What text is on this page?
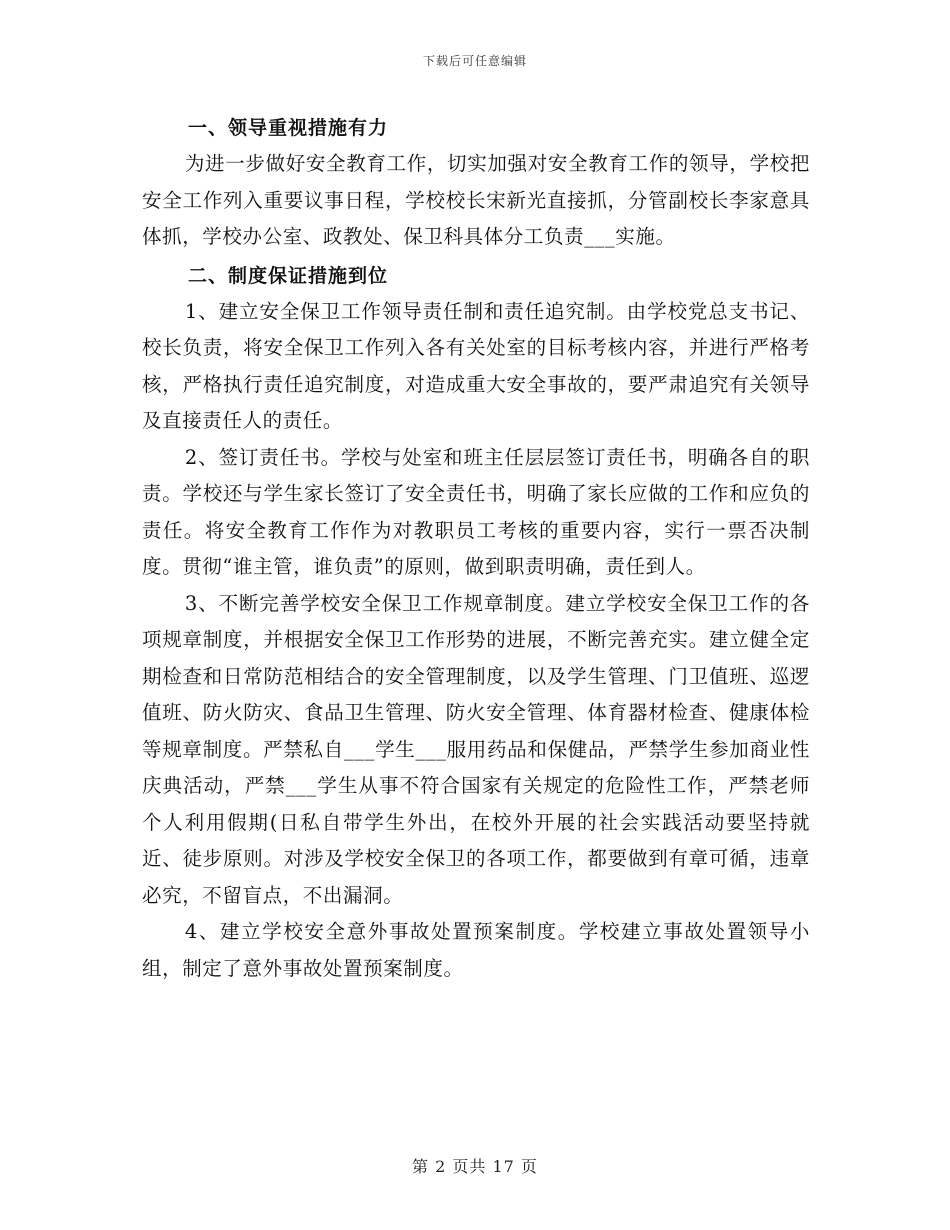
下载后可任意编辑

一、领导重视措施有力

为进一步做好安全教育工作，切实加强对安全教育工作的领导，学校把安全工作列入重要议事日程，学校校长宋新光直接抓，分管副校长李家意具体抓，学校办公室、政教处、保卫科具体分工负责___实施。

二、制度保证措施到位

1、建立安全保卫工作领导责任制和责任追究制。由学校党总支书记、校长负责，将安全保卫工作列入各有关处室的目标考核内容，并进行严格考核，严格执行责任追究制度，对造成重大安全事故的，要严肃追究有关领导及直接责任人的责任。

2、签订责任书。学校与处室和班主任层层签订责任书，明确各自的职责。学校还与学生家长签订了安全责任书，明确了家长应做的工作和应负的责任。将安全教育工作作为对教职员工考核的重要内容，实行一票否决制度。贯彻“谁主管，谁负责”的原则，做到职责明确，责任到人。

3、不断完善学校安全保卫工作规章制度。建立学校安全保卫工作的各项规章制度，并根据安全保卫工作形势的进展，不断完善充实。建立健全定期检查和日常防范相结合的安全管理制度，以及学生管理、门卫值班、巡逻值班、防火防灾、食品卫生管理、防火安全管理、体育器材检查、健康体检等规章制度。严禁私自___学生___服用药品和保健品，严禁学生参加商业性庆典活动，严禁___学生从事不符合国家有关规定的危险性工作，严禁老师个人利用假期(日私自带学生外出，在校外开展的社会实践活动要坚持就近、徒步原则。对涉及学校安全保卫的各项工作，都要做到有章可循，违章必究，不留盲点，不出漏洞。

4、建立学校安全意外事故处置预案制度。学校建立事故处置领导小组，制定了意外事故处置预案制度。

第 2 页共 17 页
